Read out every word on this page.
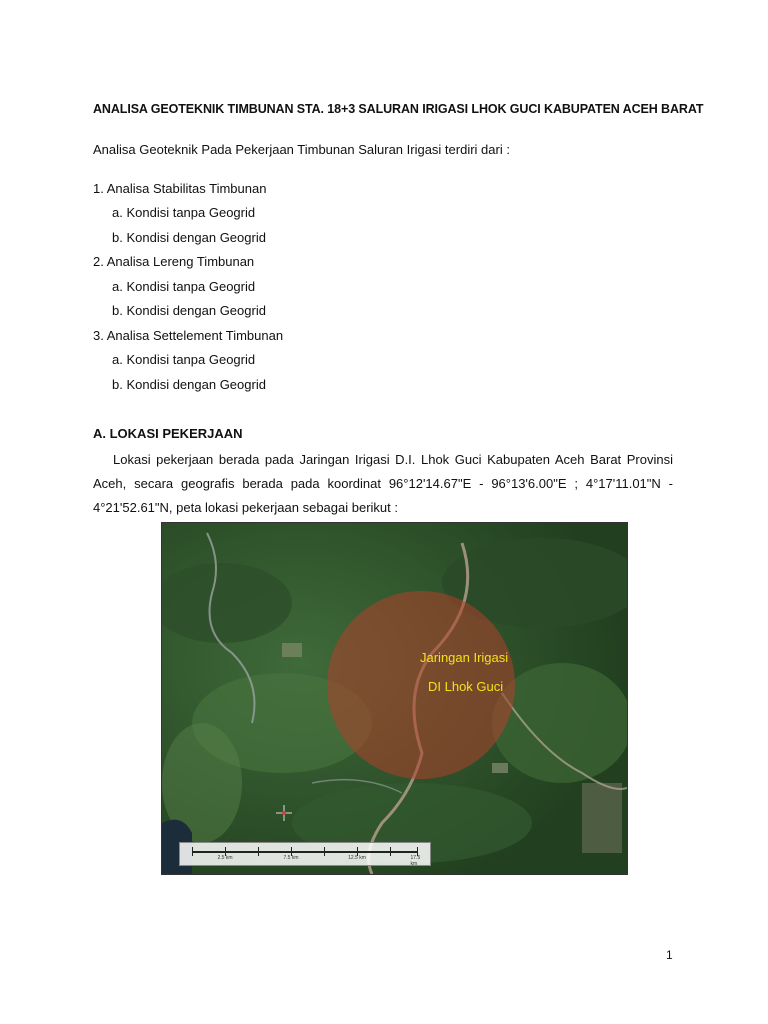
ANALISA GEOTEKNIK TIMBUNAN STA. 18+3 SALURAN IRIGASI LHOK GUCI KABUPATEN ACEH BARAT
Analisa Geoteknik Pada Pekerjaan Timbunan Saluran Irigasi terdiri dari :
1. Analisa Stabilitas Timbunan
a. Kondisi tanpa Geogrid
b. Kondisi dengan Geogrid
2. Analisa Lereng Timbunan
a. Kondisi tanpa Geogrid
b. Kondisi dengan Geogrid
3. Analisa Settelement Timbunan
a. Kondisi tanpa Geogrid
b. Kondisi dengan Geogrid
A. LOKASI PEKERJAAN
Lokasi pekerjaan berada pada Jaringan Irigasi D.I. Lhok Guci Kabupaten Aceh Barat Provinsi Aceh, secara geografis berada pada koordinat 96°12'14.67"E - 96°13'6.00"E ; 4°17'11.01"N - 4°21'52.61"N, peta lokasi pekerjaan sebagai berikut :
Jaringan Irigasi
DI Lhok Guci
2.5 km	7.5 km	12.5 km	17.5 km
1
